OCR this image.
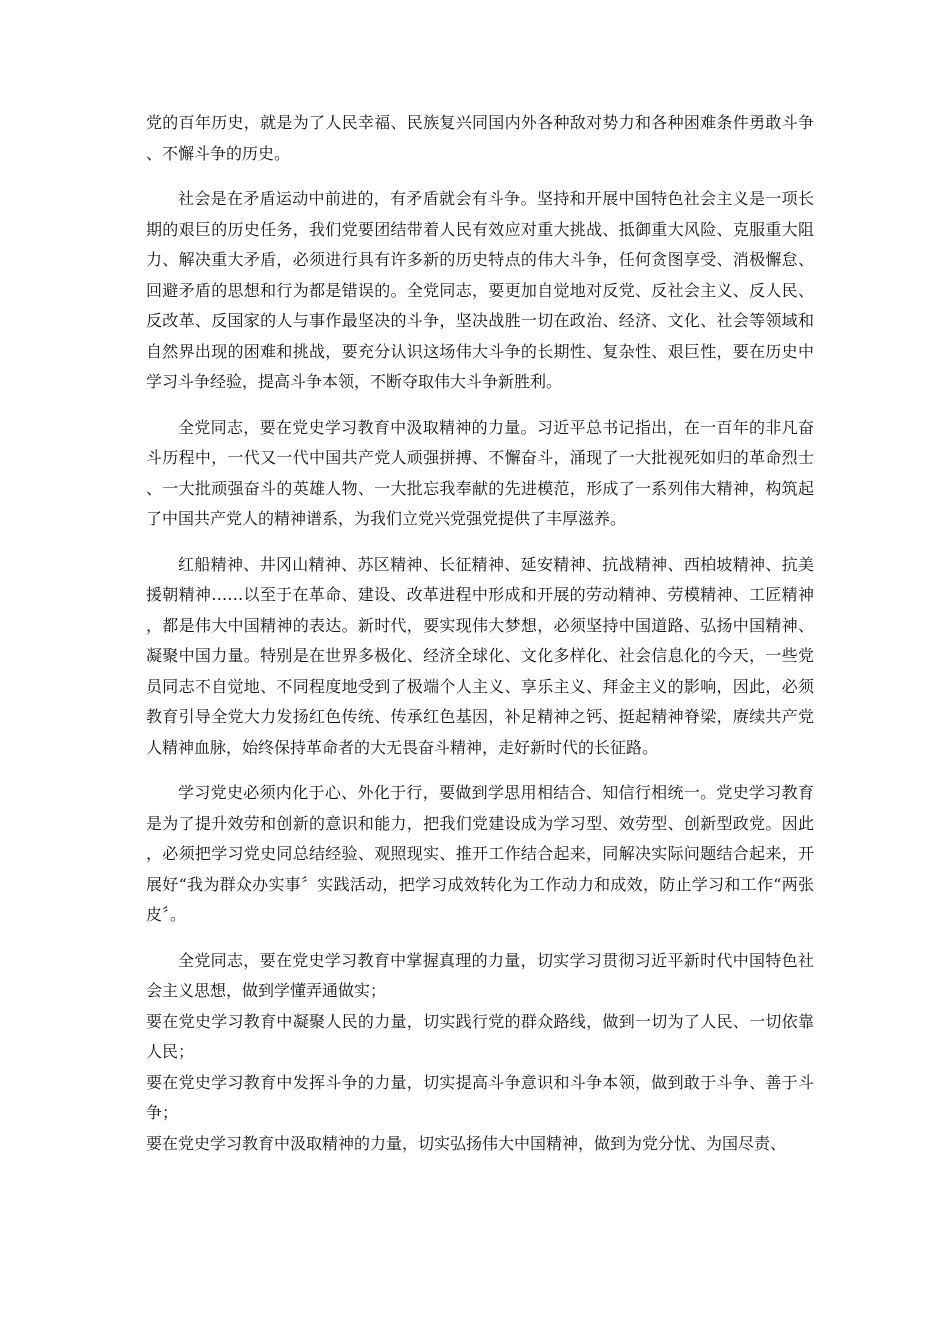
党的百年历史，就是为了人民幸福、民族复兴同国内外各种敌对势力和各种困难条件勇敢斗争、不懈斗争的历史。

社会是在矛盾运动中前进的，有矛盾就会有斗争。坚持和开展中国特色社会主义是一项长期的艰巨的历史任务，我们党要团结带着人民有效应对重大挑战、抵御重大风险、克服重大阻力、解决重大矛盾，必须进行具有许多新的历史特点的伟大斗争，任何贪图享受、消极懈怠、回避矛盾的思想和行为都是错误的。全党同志，要更加自觉地对反党、反社会主义、反人民、反改革、反国家的人与事作最坚决的斗争，坚决战胜一切在政治、经济、文化、社会等领域和自然界出现的困难和挑战，要充分认识这场伟大斗争的长期性、复杂性、艰巨性，要在历史中学习斗争经验，提高斗争本领，不断夺取伟大斗争新胜利。

全党同志，要在党史学习教育中汲取精神的力量。习近平总书记指出，在一百年的非凡奋斗历程中，一代又一代中国共产党人顽强拼搏、不懈奋斗，涌现了一大批视死如归的革命烈士、一大批顽强奋斗的英雄人物、一大批忘我奉献的先进模范，形成了一系列伟大精神，构筑起了中国共产党人的精神谱系，为我们立党兴党强党提供了丰厚滋养。

红船精神、井冈山精神、苏区精神、长征精神、延安精神、抗战精神、西柏坡精神、抗美援朝精神……以至于在革命、建设、改革进程中形成和开展的劳动精神、劳模精神、工匠精神，都是伟大中国精神的表达。新时代，要实现伟大梦想，必须坚持中国道路、弘扬中国精神、凝聚中国力量。特别是在世界多极化、经济全球化、文化多样化、社会信息化的今天，一些党员同志不自觉地、不同程度地受到了极端个人主义、享乐主义、拜金主义的影响，因此，必须教育引导全党大力发扬红色传统、传承红色基因，补足精神之钙、挺起精神脊梁，赓续共产党人精神血脉，始终保持革命者的大无畏奋斗精神，走好新时代的长征路。

学习党史必须内化于心、外化于行，要做到学思用相结合、知信行相统一。党史学习教育是为了提升效劳和创新的意识和能力，把我们党建设成为学习型、效劳型、创新型政党。因此，必须把学习党史同总结经验、观照现实、推开工作结合起来，同解决实际问题结合起来，开展好“我为群众办实事〞实践活动，把学习成效转化为工作动力和成效，防止学习和工作“两张皮〞。

全党同志，要在党史学习教育中掌握真理的力量，切实学习贯彻习近平新时代中国特色社会主义思想，做到学懂弄通做实；

要在党史学习教育中凝聚人民的力量，切实践行党的群众路线，做到一切为了人民、一切依靠人民；

要在党史学习教育中发挥斗争的力量，切实提高斗争意识和斗争本领，做到敢于斗争、善于斗争；

要在党史学习教育中汲取精神的力量，切实弘扬伟大中国精神，做到为党分忧、为国尽责、
